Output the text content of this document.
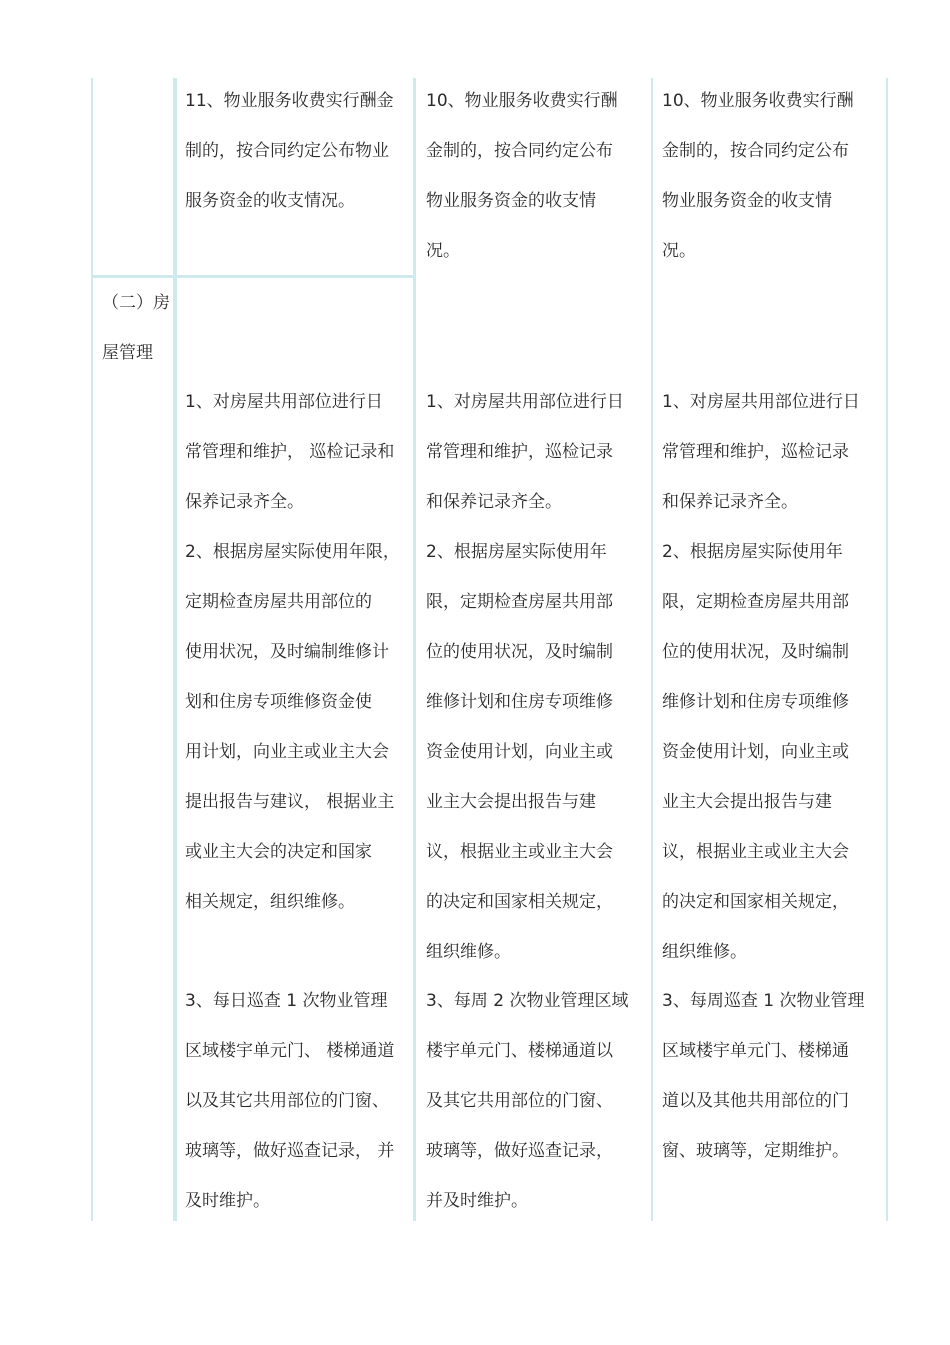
11、物业服务收费实行酬金
制的，按合同约定公布物业
服务资金的收支情况。
10、物业服务收费实行酬
金制的，按合同约定公布
物业服务资金的收支情
况。
10、物业服务收费实行酬
金制的，按合同约定公布
物业服务资金的收支情
况。
（二）房
屋管理
1、对房屋共用部位进行日
常管理和维护， 巡检记录和
保养记录齐全。
1、对房屋共用部位进行日
常管理和维护，巡检记录
和保养记录齐全。
1、对房屋共用部位进行日
常管理和维护，巡检记录
和保养记录齐全。
2、根据房屋实际使用年限，
定期检查房屋共用部位的
使用状况，及时编制维修计
划和住房专项维修资金使
用计划，向业主或业主大会
提出报告与建议， 根据业主
或业主大会的决定和国家
相关规定，组织维修。
2、根据房屋实际使用年
限，定期检查房屋共用部
位的使用状况，及时编制
维修计划和住房专项维修
资金使用计划，向业主或
业主大会提出报告与建
议，根据业主或业主大会
的决定和国家相关规定，
组织维修。
2、根据房屋实际使用年
限，定期检查房屋共用部
位的使用状况，及时编制
维修计划和住房专项维修
资金使用计划，向业主或
业主大会提出报告与建
议，根据业主或业主大会
的决定和国家相关规定，
组织维修。
3、每日巡查 1 次物业管理
区域楼宇单元门、 楼梯通道
以及其它共用部位的门窗、
玻璃等，做好巡查记录， 并
及时维护。
3、每周 2 次物业管理区域
楼宇单元门、楼梯通道以
及其它共用部位的门窗、
玻璃等，做好巡查记录，
并及时维护。
3、每周巡查 1 次物业管理
区域楼宇单元门、楼梯通
道以及其他共用部位的门
窗、玻璃等，定期维护。
